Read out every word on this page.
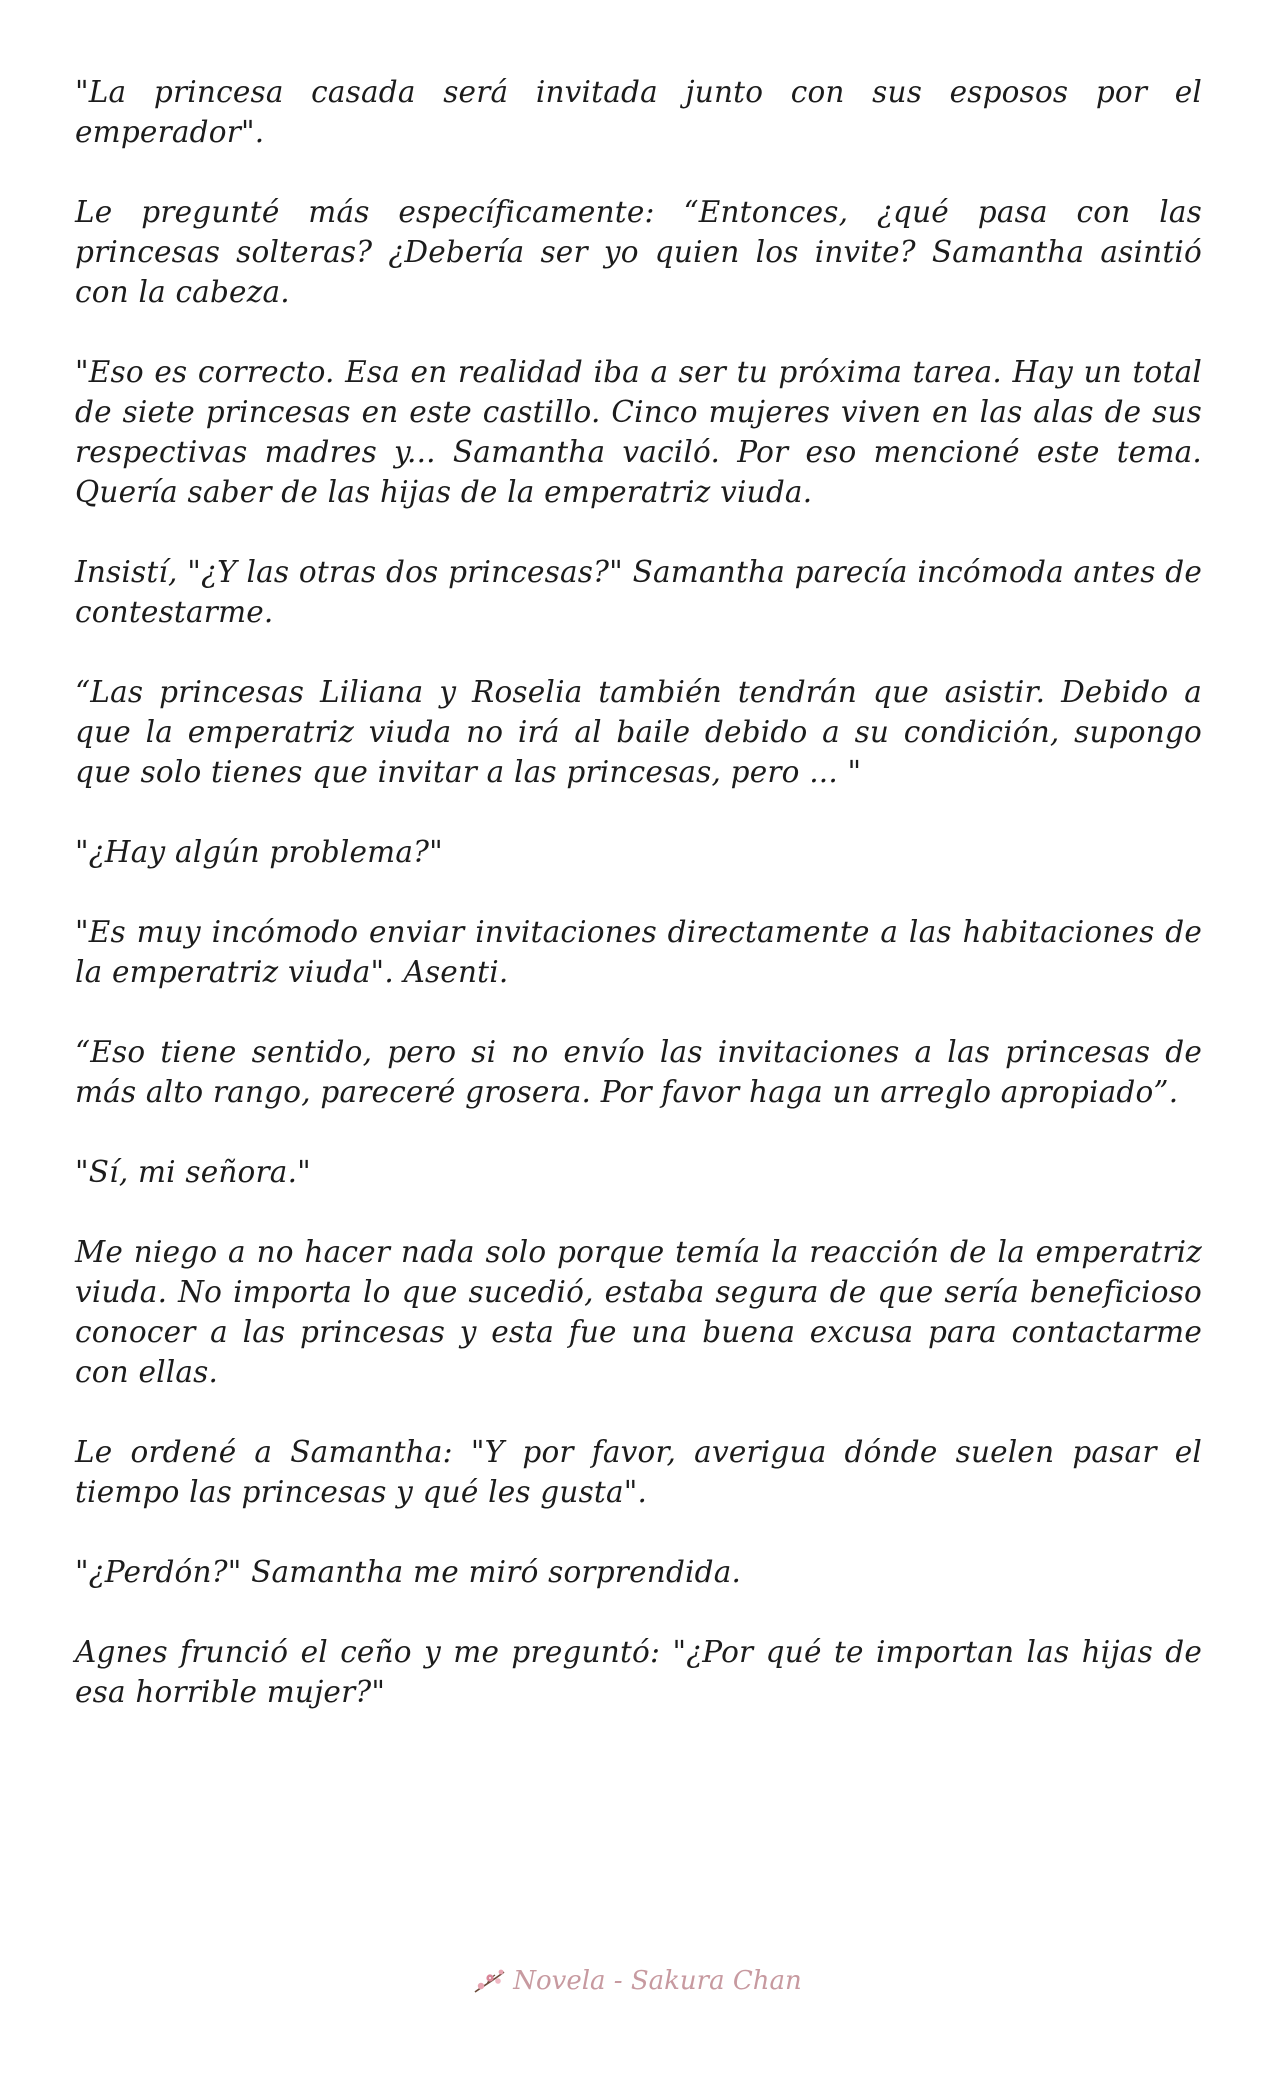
"La princesa casada será invitada junto con sus esposos por el emperador".

Le pregunté más específicamente: “Entonces, ¿qué pasa con las princesas solteras? ¿Debería ser yo quien los invite? Samantha asintió con la cabeza.

"Eso es correcto. Esa en realidad iba a ser tu próxima tarea. Hay un total de siete princesas en este castillo. Cinco mujeres viven en las alas de sus respectivas madres y... Samantha vaciló. Por eso mencioné este tema. Quería saber de las hijas de la emperatriz viuda.

Insistí, "¿Y las otras dos princesas?" Samantha parecía incómoda antes de contestarme.

“Las princesas Liliana y Roselia también tendrán que asistir. Debido a que la emperatriz viuda no irá al baile debido a su condición, supongo que solo tienes que invitar a las princesas, pero ... "

"¿Hay algún problema?"

"Es muy incómodo enviar invitaciones directamente a las habitaciones de la emperatriz viuda". Asenti.

“Eso tiene sentido, pero si no envío las invitaciones a las princesas de más alto rango, pareceré grosera. Por favor haga un arreglo apropiado”.

"Sí, mi señora."

Me niego a no hacer nada solo porque temía la reacción de la emperatriz viuda. No importa lo que sucedió, estaba segura de que sería beneficioso conocer a las princesas y esta fue una buena excusa para contactarme con ellas.

Le ordené a Samantha: "Y por favor, averigua dónde suelen pasar el tiempo las princesas y qué les gusta".

"¿Perdón?" Samantha me miró sorprendida.

Agnes frunció el ceño y me preguntó: "¿Por qué te importan las hijas de esa horrible mujer?"

Novela - Sakura Chan
